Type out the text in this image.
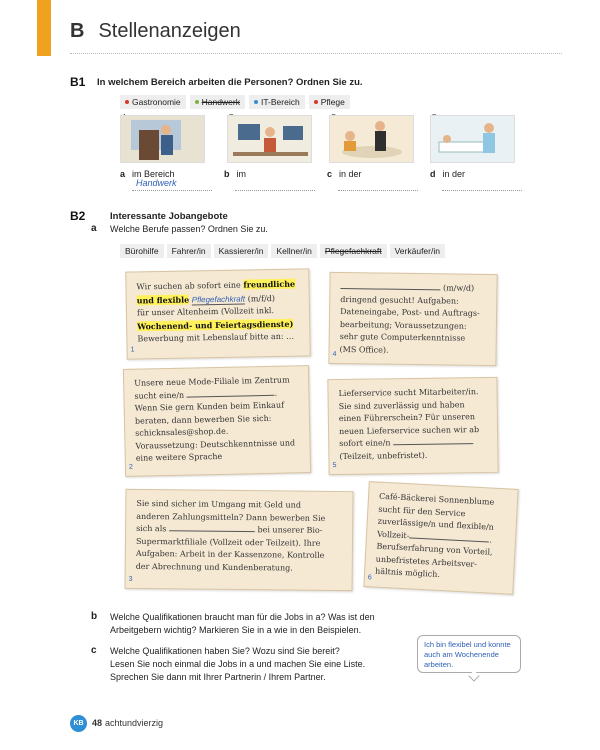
B Stellenanzeigen
B1 In welchem Bereich arbeiten die Personen? Ordnen Sie zu.
Gastronomie Handwerk IT-Bereich Pflege
a im Bereich
Handwerk
b im	c in der	d in der
B2	Interessante Jobangebote
a Welche Berufe passen? Ordnen Sie zu.
Bürohilfe	Fahrer/in	Kassierer/in	Kellner/in	Pflegefachkraft	Verkäufer/in
Wir suchen ab sofort eine freundliche
und flexible Pflegefachkraft (m/f/d)
für unser Altenheim (Vollzeit inkl.
Wochenend- und Feiertagsdienste)
Bewerbung mit Lebenslauf bitte an: …
1
(m/w/d)
dringend gesucht! Aufgaben:
Dateneingabe, Post- und Auftrags-
bearbeitung; Voraussetzungen:
sehr gute Computerkenntnisse
(MS Office).
4
Unsere neue Mode-Filiale im Zentrum
sucht eine/n	.
Wenn Sie gern Kunden beim Einkauf
beraten, dann bewerben Sie sich:
schicknsales@shop.de.
Voraussetzung: Deutschkenntnisse und
eine weitere Sprache
2
Lieferservice sucht Mitarbeiter/in.
Sie sind zuverlässig und haben
einen Führerschein? Für unseren
neuen Lieferservice suchen wir ab
sofort eine/n
(Teilzeit, unbefristet).
5
Sie sind sicher im Umgang mit Geld und
anderen Zahlungsmitteln? Dann bewerben Sie
sich als	bei unserer Bio-
Supermarktfiliale (Vollzeit oder Teilzeit). Ihre
Aufgaben: Arbeit in der Kassenzone, Kontrolle
der Abrechnung und Kundenberatung.
3
Café-Bäckerei Sonnenblume
sucht für den Service
zuverlässige/n und flexible/n
Vollzeit-	.
Berufserfahrung von Vorteil,
unbefristetes Arbeitsver-
hältnis möglich.
6
b Welche Qualifikationen braucht man für die Jobs in a? Was ist den
Arbeitgebern wichtig? Markieren Sie in a wie in den Beispielen.
c Welche Qualifikationen haben Sie? Wozu sind Sie bereit?
Lesen Sie noch einmal die Jobs in a und machen Sie eine Liste.
Sprechen Sie dann mit Ihrer Partnerin / Ihrem Partner.
Ich bin flexibel und konnte auch am Wochenende arbeiten.
KB 48 achtundvierzig
